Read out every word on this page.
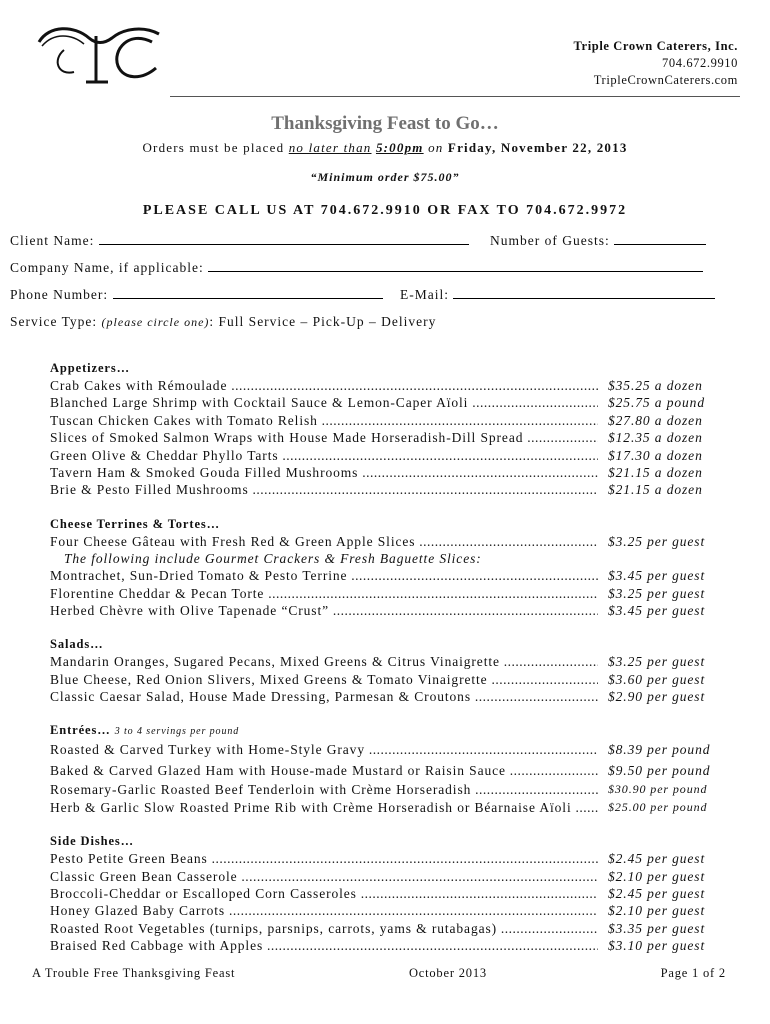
Triple Crown Caterers, Inc.
704.672.9910
TripleCrownCaterers.com
Thanksgiving Feast to Go…
Orders must be placed no later than 5:00pm on Friday, November 22, 2013
“Minimum order $75.00”
PLEASE CALL US AT 704.672.9910 OR FAX TO 704.672.9972
Client Name:	Number of Guests:
Company Name, if applicable:
Phone Number:	E-Mail:
Service Type: (please circle one): Full Service – Pick-Up – Delivery
Appetizers…
Crab Cakes with Rémoulade .....	$35.25 a dozen
Blanched Large Shrimp with Cocktail Sauce & Lemon-Caper Aïoli .....	$25.75 a pound
Tuscan Chicken Cakes with Tomato Relish .....	$27.80 a dozen
Slices of Smoked Salmon Wraps with House Made Horseradish-Dill Spread .....	$12.35 a dozen
Green Olive & Cheddar Phyllo Tarts .....	$17.30 a dozen
Tavern Ham & Smoked Gouda Filled Mushrooms .....	$21.15 a dozen
Brie & Pesto Filled Mushrooms .....	$21.15 a dozen
Cheese Terrines & Tortes…
Four Cheese Gâteau with Fresh Red & Green Apple Slices .....	$3.25 per guest
The following include Gourmet Crackers & Fresh Baguette Slices:
Montrachet, Sun-Dried Tomato & Pesto Terrine .....	$3.45 per guest
Florentine Cheddar & Pecan Torte .....	$3.25 per guest
Herbed Chèvre with Olive Tapenade “Crust” .....	$3.45 per guest
Salads…
Mandarin Oranges, Sugared Pecans, Mixed Greens & Citrus Vinaigrette .....	$3.25 per guest
Blue Cheese, Red Onion Slivers, Mixed Greens & Tomato Vinaigrette .....	$3.60 per guest
Classic Caesar Salad, House Made Dressing, Parmesan & Croutons .....	$2.90 per guest
Entrées… 3 to 4 servings per pound
Roasted & Carved Turkey with Home-Style Gravy .....	$8.39 per pound
Baked & Carved Glazed Ham with House-made Mustard or Raisin Sauce .....	$9.50 per pound
Rosemary-Garlic Roasted Beef Tenderloin with Crème Horseradish .....	$30.90 per pound
Herb & Garlic Slow Roasted Prime Rib with Crème Horseradish or Béarnaise Aïoli .....	$25.00 per pound
Side Dishes…
Pesto Petite Green Beans .....	$2.45 per guest
Classic Green Bean Casserole .....	$2.10 per guest
Broccoli-Cheddar or Escalloped Corn Casseroles .....	$2.45 per guest
Honey Glazed Baby Carrots .....	$2.10 per guest
Roasted Root Vegetables (turnips, parsnips, carrots, yams & rutabagas) .....	$3.35 per guest
Braised Red Cabbage with Apples .....	$3.10 per guest
A Trouble Free Thanksgiving Feast	October 2013	Page 1 of 2
